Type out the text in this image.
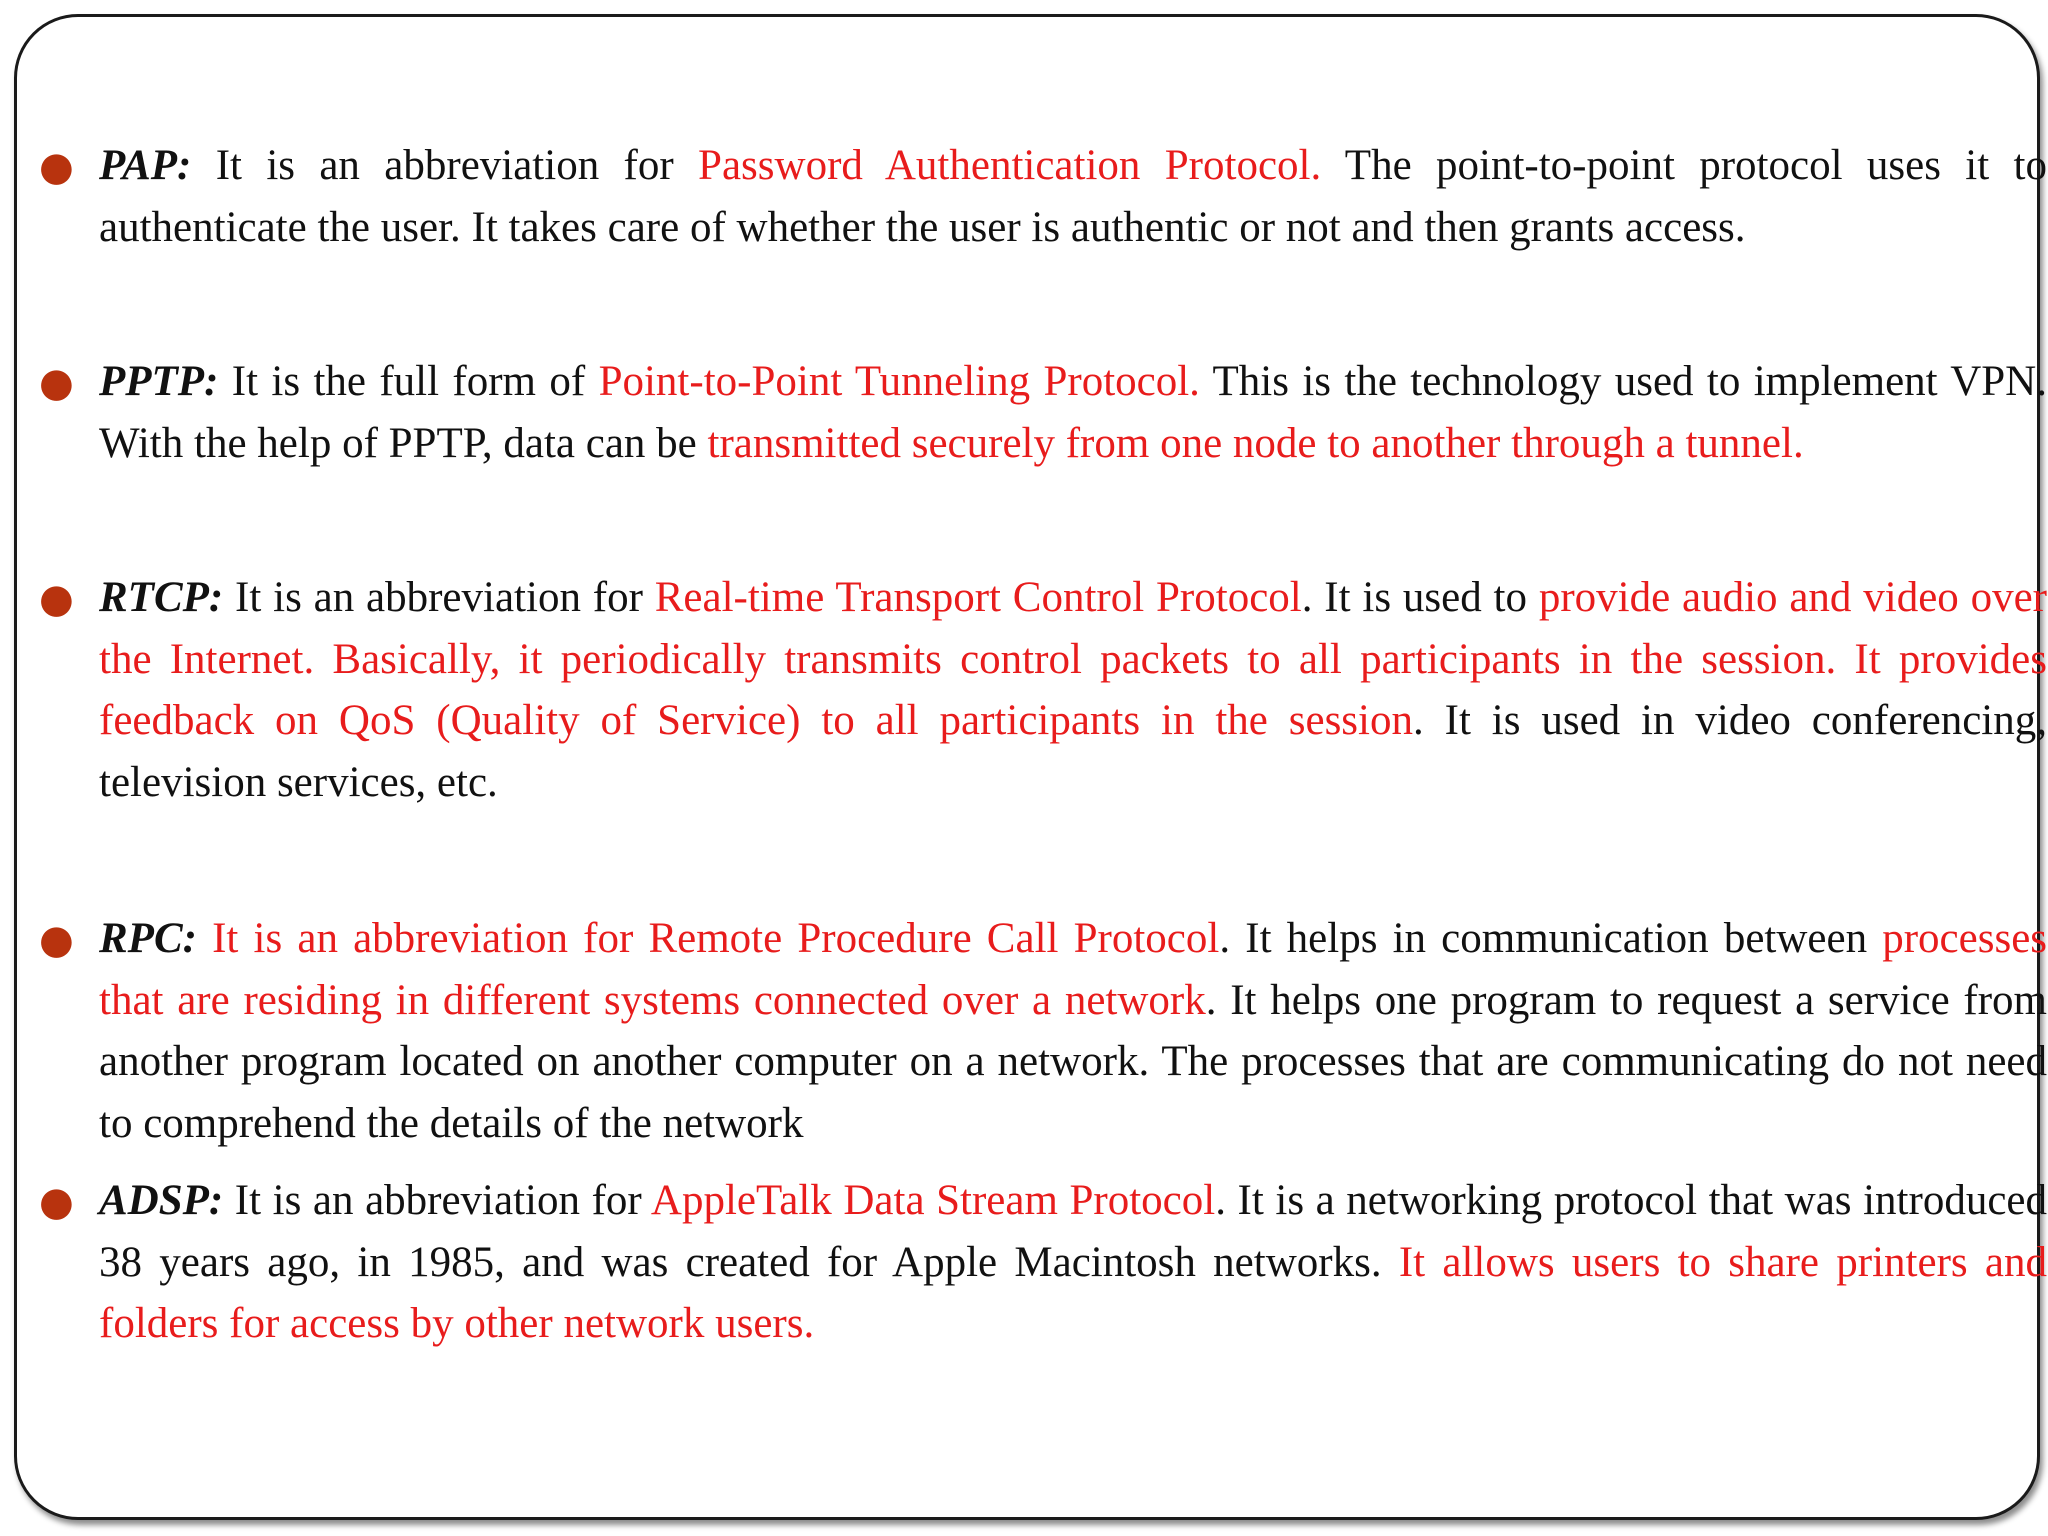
● PAP: It is an abbreviation for Password Authentication Protocol. The point-to-point protocol uses it to authenticate the user. It takes care of whether the user is authentic or not and then grants access.

● PPTP: It is the full form of Point-to-Point Tunneling Protocol. This is the technology used to implement VPN. With the help of PPTP, data can be transmitted securely from one node to another through a tunnel.

● RTCP: It is an abbreviation for Real-time Transport Control Protocol. It is used to provide audio and video over the Internet. Basically, it periodically transmits control packets to all participants in the session. It provides feedback on QoS (Quality of Service) to all participants in the session. It is used in video conferencing, television services, etc.

● RPC: It is an abbreviation for Remote Procedure Call Protocol. It helps in communication between processes that are residing in different systems connected over a network. It helps one program to request a service from another program located on another computer on a network. The processes that are communicating do not need to comprehend the details of the network

● ADSP: It is an abbreviation for AppleTalk Data Stream Protocol. It is a networking protocol that was introduced 38 years ago, in 1985, and was created for Apple Macintosh networks. It allows users to share printers and folders for access by other network users.
